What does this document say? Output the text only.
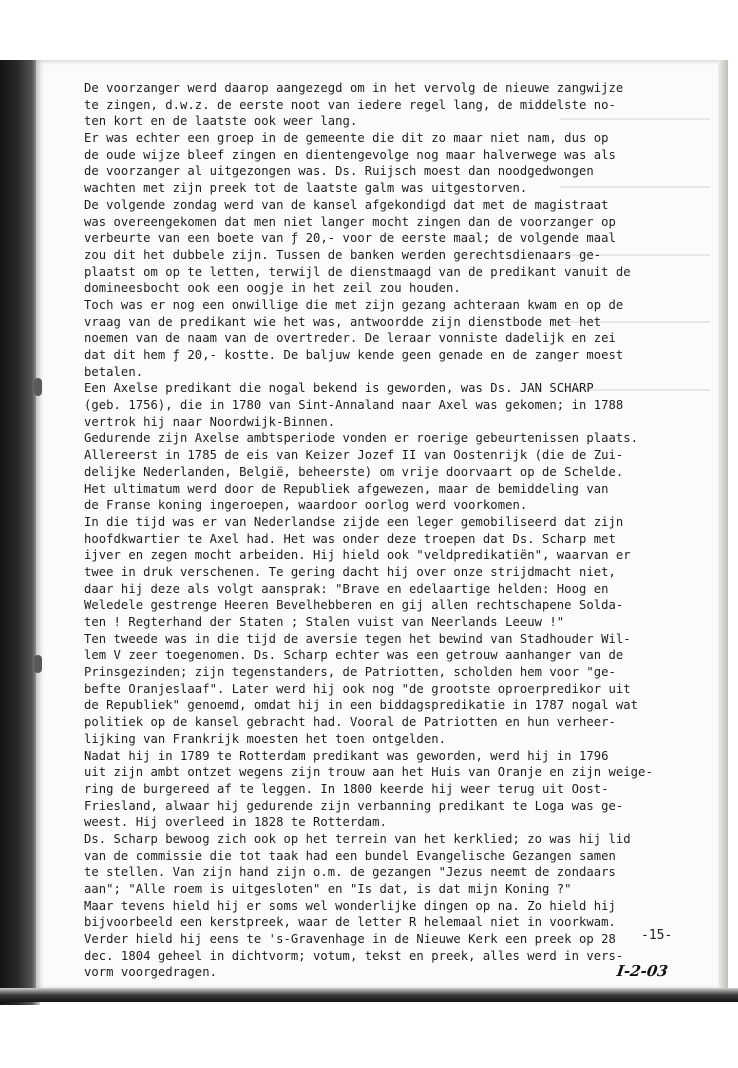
De voorzanger werd daarop aangezegd om in het vervolg de nieuwe zangwijze
te zingen, d.w.z. de eerste noot van iedere regel lang, de middelste no-
ten kort en de laatste ook weer lang.
Er was echter een groep in de gemeente die dit zo maar niet nam, dus op
de oude wijze bleef zingen en dientengevolge nog maar halverwege was als
de voorzanger al uitgezongen was. Ds. Ruijsch moest dan noodgedwongen
wachten met zijn preek tot de laatste galm was uitgestorven.
De volgende zondag werd van de kansel afgekondigd dat met de magistraat
was overeengekomen dat men niet langer mocht zingen dan de voorzanger op
verbeurte van een boete van ƒ 20,- voor de eerste maal; de volgende maal
zou dit het dubbele zijn. Tussen de banken werden gerechtsdienaars ge-
plaatst om op te letten, terwijl de dienstmaagd van de predikant vanuit de
domineesbocht ook een oogje in het zeil zou houden.
Toch was er nog een onwillige die met zijn gezang achteraan kwam en op de
vraag van de predikant wie het was, antwoordde zijn dienstbode met het
noemen van de naam van de overtreder. De leraar vonniste dadelijk en zei
dat dit hem ƒ 20,- kostte. De baljuw kende geen genade en de zanger moest
betalen.
Een Axelse predikant die nogal bekend is geworden, was Ds. JAN SCHARP
(geb. 1756), die in 1780 van Sint-Annaland naar Axel was gekomen; in 1788
vertrok hij naar Noordwijk-Binnen.
Gedurende zijn Axelse ambtsperiode vonden er roerige gebeurtenissen plaats.
Allereerst in 1785 de eis van Keizer Jozef II van Oostenrijk (die de Zui-
delijke Nederlanden, België, beheerste) om vrije doorvaart op de Schelde.
Het ultimatum werd door de Republiek afgewezen, maar de bemiddeling van
de Franse koning ingeroepen, waardoor oorlog werd voorkomen.
In die tijd was er van Nederlandse zijde een leger gemobiliseerd dat zijn
hoofdkwartier te Axel had. Het was onder deze troepen dat Ds. Scharp met
ijver en zegen mocht arbeiden. Hij hield ook "veldpredikatiën", waarvan er
twee in druk verschenen. Te gering dacht hij over onze strijdmacht niet,
daar hij deze als volgt aansprak: "Brave en edelaartige helden: Hoog en
Weledele gestrenge Heeren Bevelhebberen en gij allen rechtschapene Solda-
ten ! Regterhand der Staten ; Stalen vuist van Neerlands Leeuw !"
Ten tweede was in die tijd de aversie tegen het bewind van Stadhouder Wil-
lem V zeer toegenomen. Ds. Scharp echter was een getrouw aanhanger van de
Prinsgezinden; zijn tegenstanders, de Patriotten, scholden hem voor "ge-
befte Oranjeslaaf". Later werd hij ook nog "de grootste oproerpredikor uit
de Republiek" genoemd, omdat hij in een biddagspredikatie in 1787 nogal wat
politiek op de kansel gebracht had. Vooral de Patriotten en hun verheer-
lijking van Frankrijk moesten het toen ontgelden.
Nadat hij in 1789 te Rotterdam predikant was geworden, werd hij in 1796
uit zijn ambt ontzet wegens zijn trouw aan het Huis van Oranje en zijn weige-
ring de burgereed af te leggen. In 1800 keerde hij weer terug uit Oost-
Friesland, alwaar hij gedurende zijn verbanning predikant te Loga was ge-
weest. Hij overleed in 1828 te Rotterdam.
Ds. Scharp bewoog zich ook op het terrein van het kerklied; zo was hij lid
van de commissie die tot taak had een bundel Evangelische Gezangen samen
te stellen. Van zijn hand zijn o.m. de gezangen "Jezus neemt de zondaars
aan"; "Alle roem is uitgesloten" en "Is dat, is dat mijn Koning ?"
Maar tevens hield hij er soms wel wonderlijke dingen op na. Zo hield hij
bijvoorbeeld een kerstpreek, waar de letter R helemaal niet in voorkwam.
Verder hield hij eens te 's-Gravenhage in de Nieuwe Kerk een preek op 28
dec. 1804 geheel in dichtvorm; votum, tekst en preek, alles werd in vers-
vorm voorgedragen.
-15-
I-2-03
